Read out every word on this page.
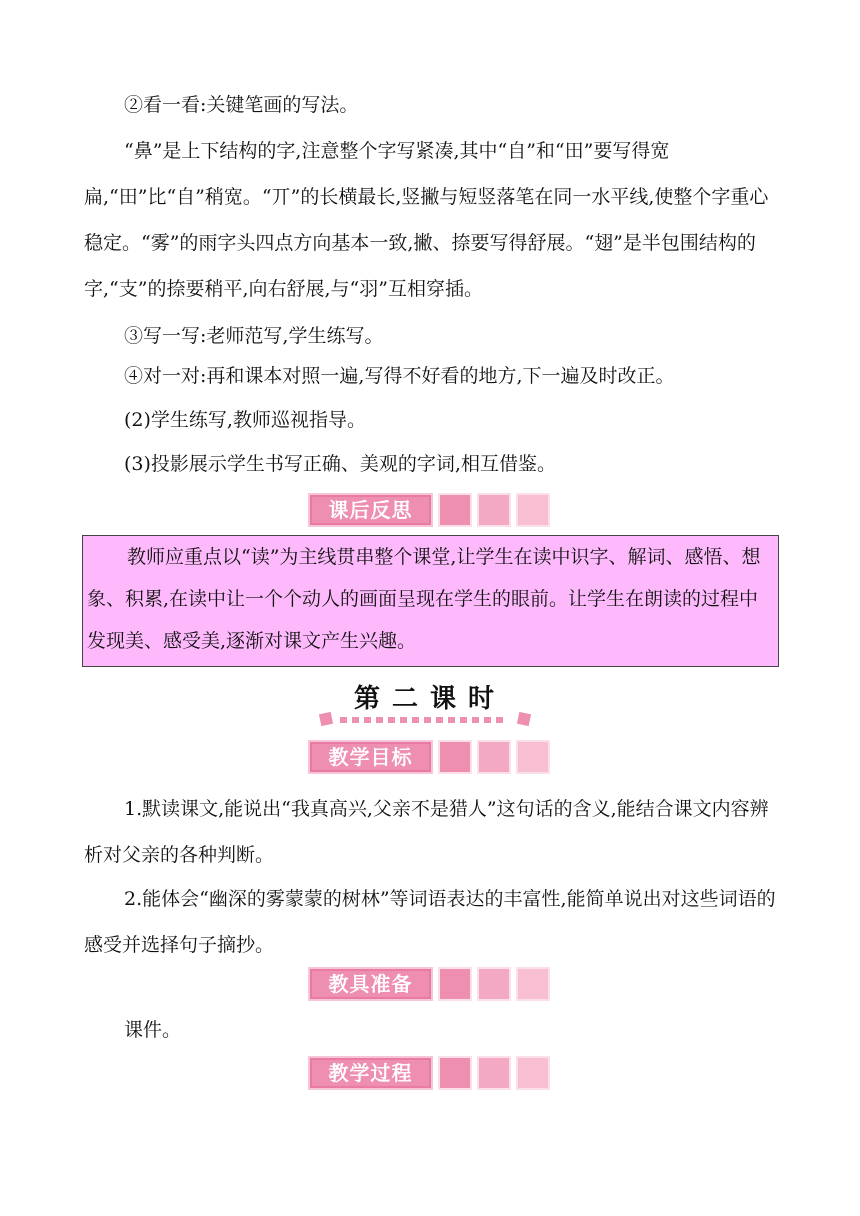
②看一看:关键笔画的写法。

“鼻”是上下结构的字,注意整个字写紧凑,其中“自”和“田”要写得宽扁,“田”比“自”稍宽。“丌”的长横最长,竖撇与短竖落笔在同一水平线,使整个字重心稳定。“雾”的雨字头四点方向基本一致,撇、捺要写得舒展。“翅”是半包围结构的字,“支”的捺要稍平,向右舒展,与“羽”互相穿插。

③写一写:老师范写,学生练写。
④对一对:再和课本对照一遍,写得不好看的地方,下一遍及时改正。
(2)学生练写,教师巡视指导。
(3)投影展示学生书写正确、美观的字词,相互借鉴。
课后反思

教师应重点以“读”为主线贯串整个课堂,让学生在读中识字、解词、感悟、想象、积累,在读中让一个个动人的画面呈现在学生的眼前。让学生在朗读的过程中发现美、感受美,逐渐对课文产生兴趣。

第二课时
教学目标

1.默读课文,能说出“我真高兴,父亲不是猎人”这句话的含义,能结合课文内容辨析对父亲的各种判断。

2.能体会“幽深的雾蒙蒙的树林”等词语表达的丰富性,能简单说出对这些词语的感受并选择句子摘抄。

教具准备
课件。
教学过程
